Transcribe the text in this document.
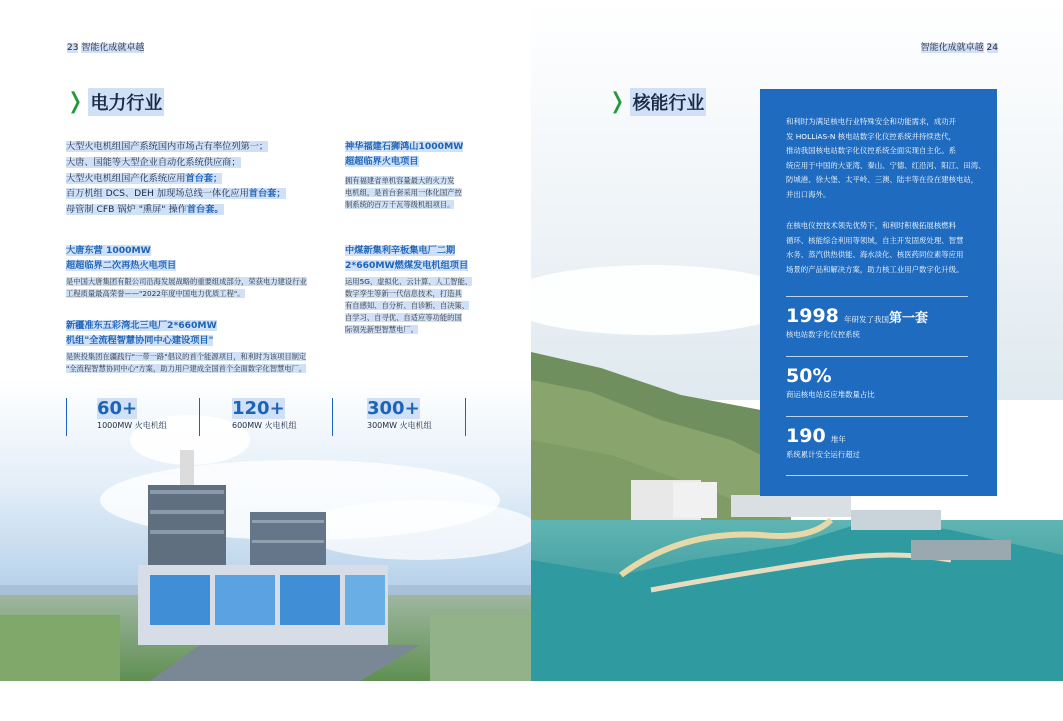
23 智能化成就卓越
❭ 电力行业
大型火电机组国产系统国内市场占有率位列第一；
大唐、国能等大型企业自动化系统供应商；
大型火电机组国产化系统应用首台套；
百万机组 DCS、DEH 加现场总线一体化应用首台套；
母管制 CFB 锅炉 "熏屏" 操作首台套。
神华福建石狮鸿山1000MW
超超临界火电项目
拥有福建省单机容量最大的火力发
电机组，是首台套采用一体化国产控
制系统的百万千瓦等级机组项目。
大唐东营 1000MW
超超临界二次再热火电项目
是中国大唐集团有限公司沿海发展战略的重要组成部分，荣获电力建设行业
工程质量最高荣誉——"2022年度中国电力优质工程"。
中煤新集利辛板集电厂二期
2*660MW燃煤发电机组项目
运用5G、虚拟化、云计算、人工智能、
数字孪生等新一代信息技术，打造具
有自感知、自分析、自诊断、自决策、
自学习、自寻优、自适应等功能的国
际领先新型智慧电厂。
新疆准东五彩湾北三电厂2*660MW
机组"全流程智慧协同中心建设项目"
是陕投集团在疆践行"一带一路"倡议的首个能源项目，和利时为该项目制定
"全流程智慧协同中心"方案，助力用户建成全国首个全面数字化智慧电厂。
60+
1000MW 火电机组
120+
600MW 火电机组
300+
300MW 火电机组
智能化成就卓越 24
❭ 核能行业
和利时为满足核电行业特殊安全和功能需求，成功开
发 HOLLiAS-N 核电站数字化仪控系统并持续迭代，
推动我国核电站数字化仪控系统全面实现自主化。系
统应用于中国的大亚湾、秦山、宁德、红沿河、阳江、田湾、
防城港、徐大堡、太平岭、三澳、陆丰等在役在建核电站，
并出口海外。
在核电仪控技术领先优势下，和利时积极拓展核燃料
循环、核能综合利用等领域，自主开发固废处理、智慧
水务、蒸汽供热供能、海水淡化、核医药同位素等应用
场景的产品和解决方案，助力核工业用户数字化升级。
1998 年研发了我国第一套
核电站数字化仪控系统
50%
商运核电站反应堆数量占比
190 堆年
系统累计安全运行超过
